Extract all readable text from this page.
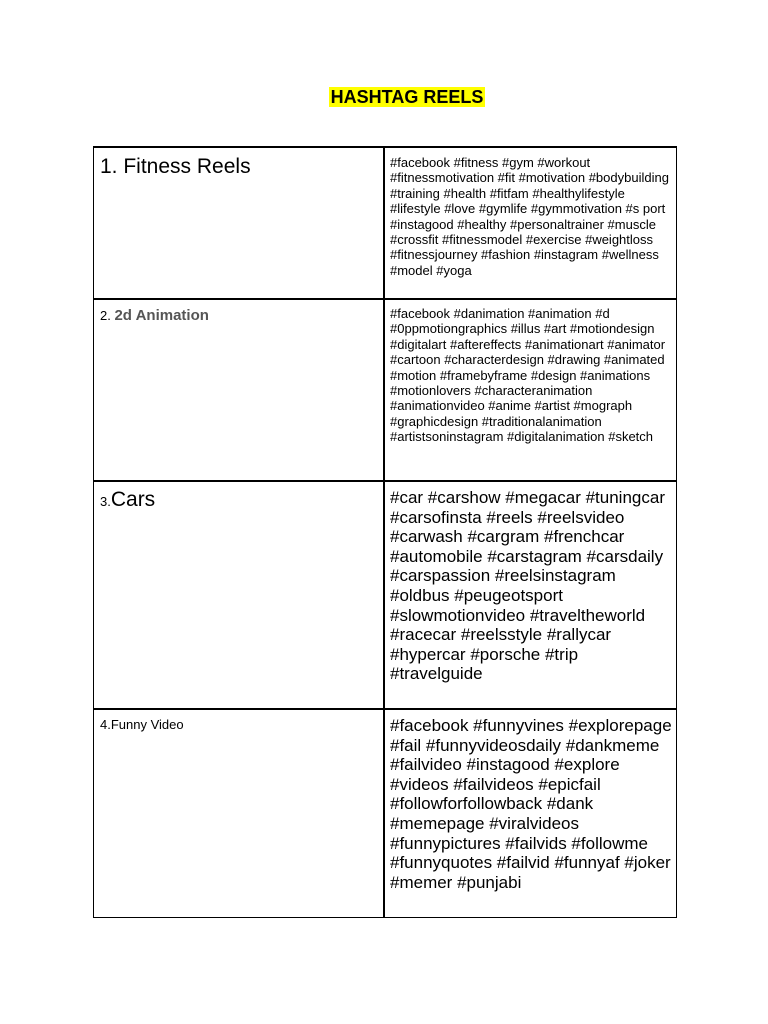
HASHTAG REELS
1. Fitness Reels	#facebook #fitness #gym #workout #fitnessmotivation #fit #motivation #bodybuilding #training #health #fitfam #healthylifestyle #lifestyle #love #gymlife #gymmotivation #s port #instagood #healthy #personaltrainer #muscle #crossfit #fitnessmodel #exercise #weightloss #fitnessjourney #fashion #instagram #wellness #model #yoga

2. 2d Animation	#facebook #danimation #animation #d #0ppmotiongraphics #illus #art #motiondesign #digitalart #aftereffects #animationart #animator #cartoon #characterdesign #drawing #animated #motion #framebyframe #design #animations #motionlovers #characteranimation #animationvideo #anime #artist #mograph #graphicdesign #traditionalanimation #artistsoninstagram #digitalanimation #sketch

3.Cars	#car #carshow #megacar #tuningcar #carsofinsta #reels #reelsvideo #carwash #cargram #frenchcar #automobile #carstagram #carsdaily #carspassion #reelsinstagram #oldbus #peugeotsport #slowmotionvideo #traveltheworld #racecar #reelsstyle #rallycar #hypercar #porsche #trip #travelguide

4.Funny Video	#facebook #funnyvines #explorepage #fail #funnyvideosdaily #dankmeme #failvideo #instagood #explore #videos #failvideos #epicfail #followforfollowback #dank #memepage #viralvideos #funnypictures #failvids #followme #funnyquotes #failvid #funnyaf #joker #memer #punjabi
